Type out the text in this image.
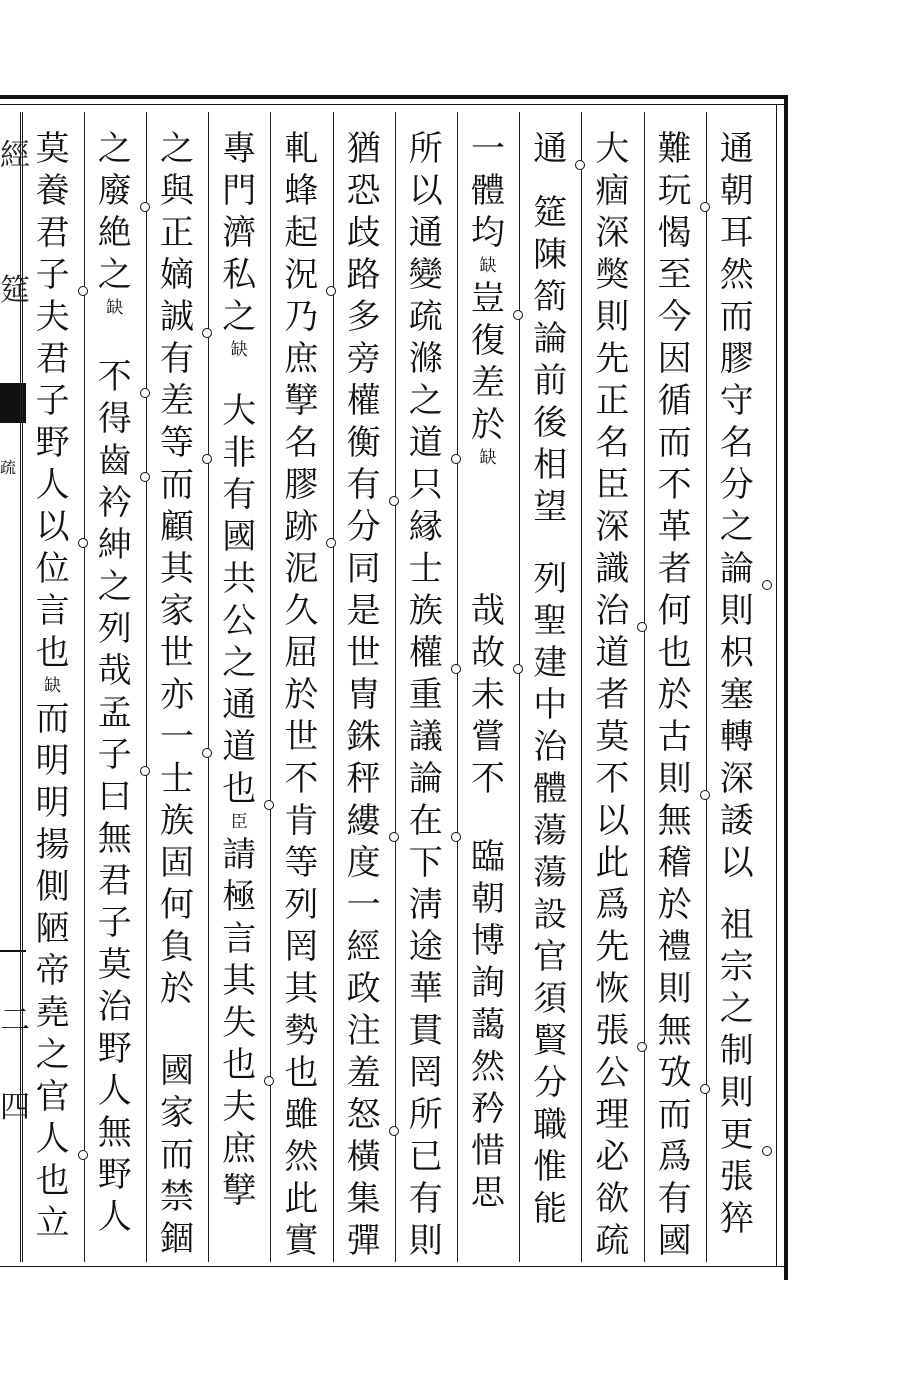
經
筵
疏
二
四
通
朝
耳
然
而
膠
守
名
分
之
論
則
枳
塞
轉
深
諉
以
祖
宗
之
制
則
更
張
猝
難
玩
愒
至
今
因
循
而
不
革
者
何
也
於
古
則
無
稽
於
禮
則
無
攷
而
爲
有
國
大
痼
深
獘
則
先
正
名
臣
深
識
治
道
者
莫
不
以
此
爲
先
恢
張
公
理
必
欲
疏
通
筵
陳
箚
論
前
後
相
望
列
聖
建
中
治
體
蕩
蕩
設
官
須
賢
分
職
惟
能
一
體
均
缺
豈
復
差
於
缺
哉
故
未
嘗
不
臨
朝
博
詢
藹
然
矜
惜
思
所
以
通
變
疏
滌
之
道
只
縁
士
族
權
重
議
論
在
下
淸
途
華
貫
罔
所
已
有
則
猶
恐
歧
路
多
旁
權
衡
有
分
同
是
世
冑
銖
秤
縷
度
一
經
政
注
羞
怒
橫
集
彈
軋
蜂
起
況
乃
庶
孼
名
膠
跡
泥
久
屈
於
世
不
肯
等
列
罔
其
勢
也
雖
然
此
實
專
門
濟
私
之
缺
大
非
有
國
共
公
之
通
道
也
臣
請
極
言
其
失
也
夫
庶
孼
之
與
正
嫡
誠
有
差
等
而
顧
其
家
世
亦
一
士
族
固
何
負
於
國
家
而
禁
錮
之
廢
絶
之
缺
不
得
齒
衿
紳
之
列
哉
孟
子
曰
無
君
子
莫
治
野
人
無
野
人
莫
養
君
子
夫
君
子
野
人
以
位
言
也
缺
而
明
明
揚
側
陋
帝
堯
之
官
人
也
立
